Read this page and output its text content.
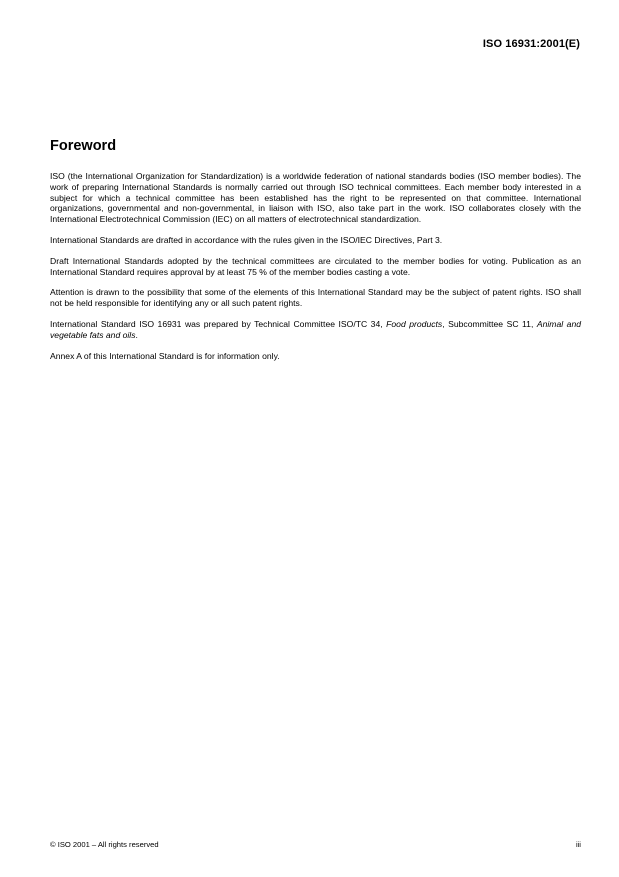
ISO 16931:2001(E)
Foreword

ISO (the International Organization for Standardization) is a worldwide federation of national standards bodies (ISO member bodies). The work of preparing International Standards is normally carried out through ISO technical committees. Each member body interested in a subject for which a technical committee has been established has the right to be represented on that committee. International organizations, governmental and non-governmental, in liaison with ISO, also take part in the work. ISO collaborates closely with the International Electrotechnical Commission (IEC) on all matters of electrotechnical standardization.

International Standards are drafted in accordance with the rules given in the ISO/IEC Directives, Part 3.

Draft International Standards adopted by the technical committees are circulated to the member bodies for voting. Publication as an International Standard requires approval by at least 75 % of the member bodies casting a vote.

Attention is drawn to the possibility that some of the elements of this International Standard may be the subject of patent rights. ISO shall not be held responsible for identifying any or all such patent rights.

International Standard ISO 16931 was prepared by Technical Committee ISO/TC 34, Food products, Subcommittee SC 11, Animal and vegetable fats and oils.

Annex A of this International Standard is for information only.

© ISO 2001 – All rights reserved	iii
